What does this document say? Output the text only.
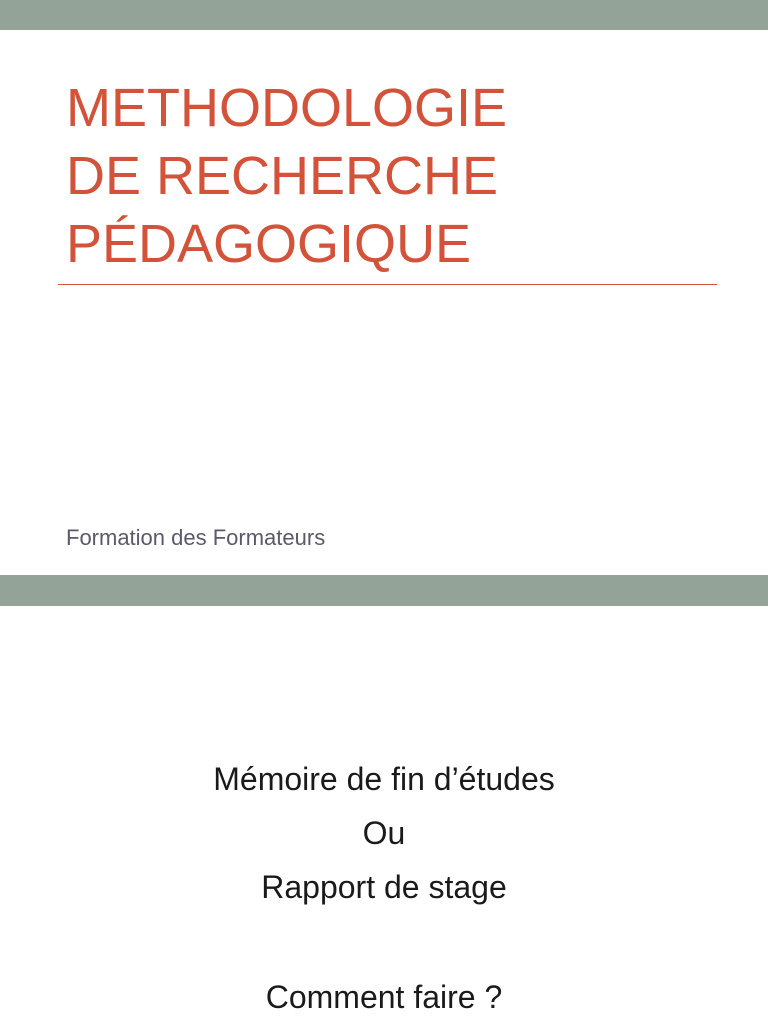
METHODOLOGIE
DE RECHERCHE
PÉDAGOGIQUE

Formation des Formateurs

Mémoire de fin d’études
Ou
Rapport de stage
Comment faire ?
